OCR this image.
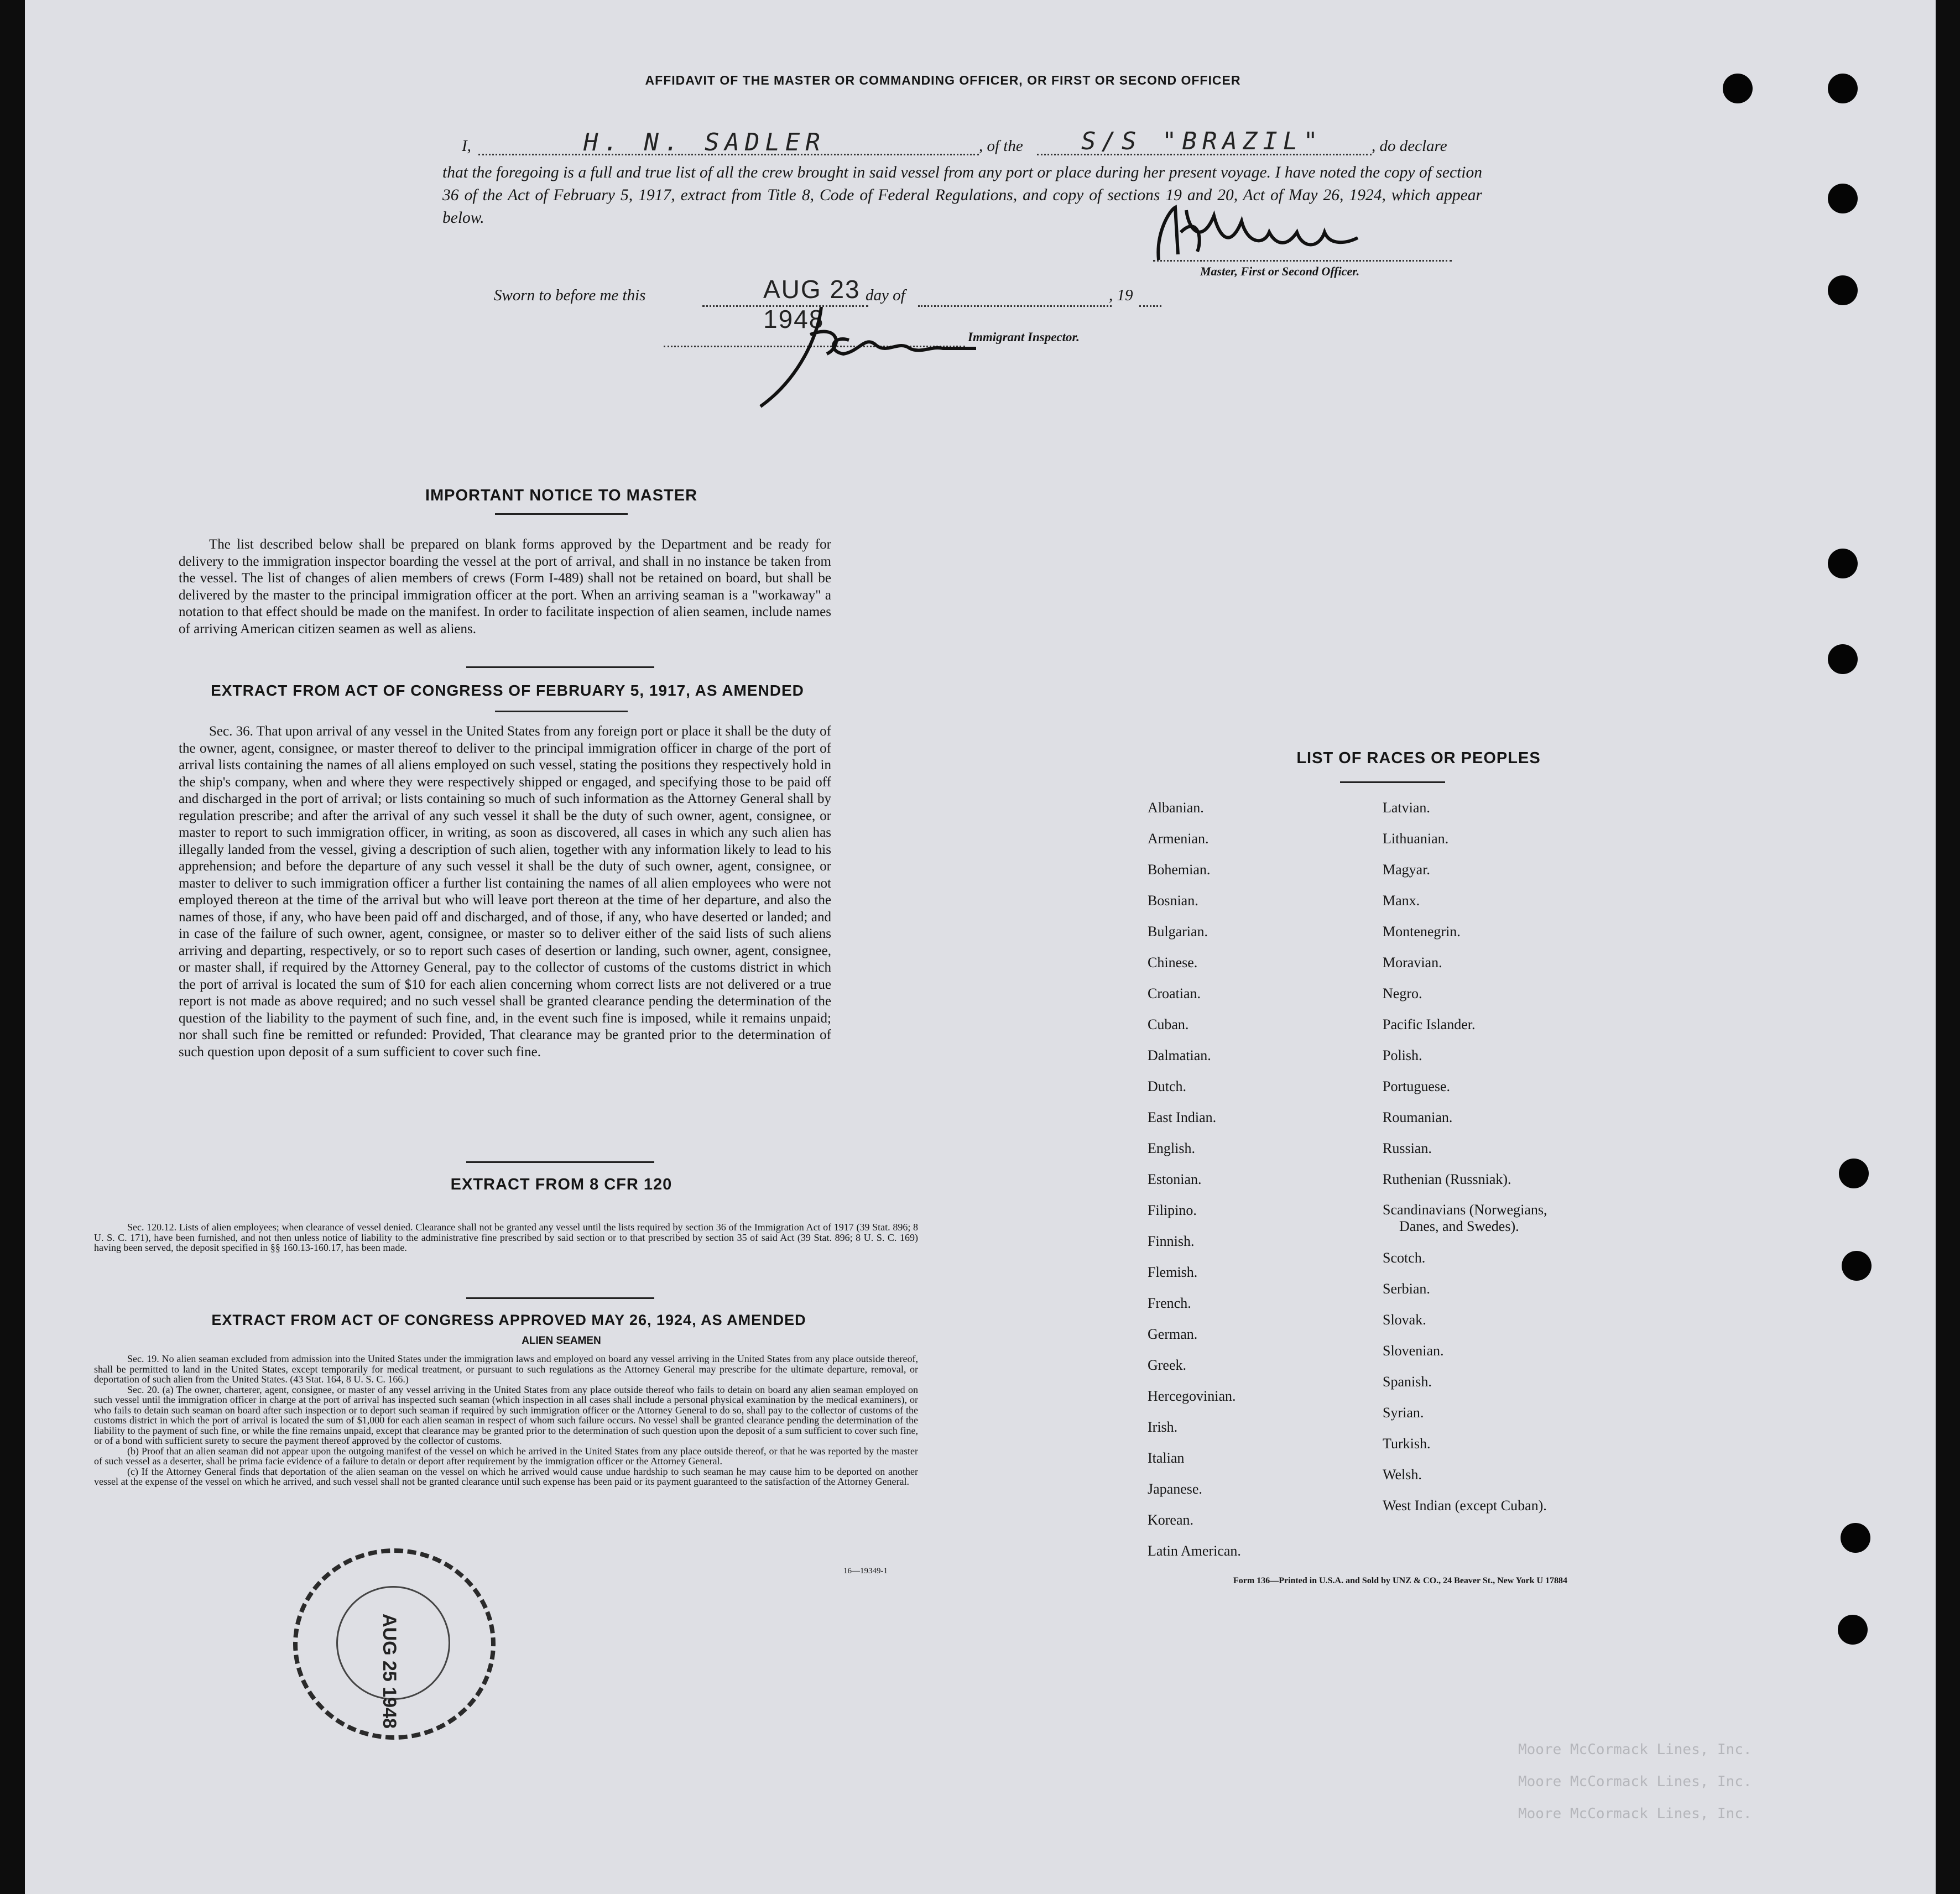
AFFIDAVIT OF THE MASTER OR COMMANDING OFFICER, OR FIRST OR SECOND OFFICER
I,	H. N. SADLER	, of the S/S "BRAZIL"	, do declare
that the foregoing is a full and true list of all the crew brought in said vessel from any port or place during her present voyage. I have noted the copy of section 36 of the Act of February 5, 1917, extract from Title 8, Code of Federal Regulations, and copy of sections 19 and 20, Act of May 26, 1924, which appear below.
Master, First or Second Officer.
Sworn to before me this	AUG 23 1948
day of	, 19
Immigrant Inspector.
IMPORTANT NOTICE TO MASTER
The list described below shall be prepared on blank forms approved by the Department and be ready for delivery to the immigration inspector boarding the vessel at the port of arrival, and shall in no instance be taken from the vessel. The list of changes of alien members of crews (Form I-489) shall not be retained on board, but shall be delivered by the master to the principal immigration officer at the port. When an arriving seaman is a "workaway" a notation to that effect should be made on the manifest. In order to facilitate inspection of alien seamen, include names of arriving American citizen seamen as well as aliens.
EXTRACT FROM ACT OF CONGRESS OF FEBRUARY 5, 1917, AS AMENDED
Sec. 36. That upon arrival of any vessel in the United States from any foreign port or place it shall be the duty of the owner, agent, consignee, or master thereof to deliver to the principal immigration officer in charge of the port of arrival lists containing the names of all aliens employed on such vessel, stating the positions they respectively hold in the ship's company, when and where they were respectively shipped or engaged, and specifying those to be paid off and discharged in the port of arrival; or lists containing so much of such information as the Attorney General shall by regulation prescribe; and after the arrival of any such vessel it shall be the duty of such owner, agent, consignee, or master to report to such immigration officer, in writing, as soon as discovered, all cases in which any such alien has illegally landed from the vessel, giving a description of such alien, together with any information likely to lead to his apprehension; and before the departure of any such vessel it shall be the duty of such owner, agent, consignee, or master to deliver to such immigration officer a further list containing the names of all alien employees who were not employed thereon at the time of the arrival but who will leave port thereon at the time of her departure, and also the names of those, if any, who have been paid off and discharged, and of those, if any, who have deserted or landed; and in case of the failure of such owner, agent, consignee, or master so to deliver either of the said lists of such aliens arriving and departing, respectively, or so to report such cases of desertion or landing, such owner, agent, consignee, or master shall, if required by the Attorney General, pay to the collector of customs of the customs district in which the port of arrival is located the sum of $10 for each alien concerning whom correct lists are not delivered or a true report is not made as above required; and no such vessel shall be granted clearance pending the determination of the question of the liability to the payment of such fine, and, in the event such fine is imposed, while it remains unpaid; nor shall such fine be remitted or refunded: Provided, That clearance may be granted prior to the determination of such question upon deposit of a sum sufficient to cover such fine.
EXTRACT FROM 8 CFR 120
Sec. 120.12. Lists of alien employees; when clearance of vessel denied. Clearance shall not be granted any vessel until the lists required by section 36 of the Immigration Act of 1917 (39 Stat. 896; 8 U. S. C. 171), have been furnished, and not then unless notice of liability to the administrative fine prescribed by said section or to that prescribed by section 35 of said Act (39 Stat. 896; 8 U. S. C. 169) having been served, the deposit specified in §§ 160.13-160.17, has been made.
EXTRACT FROM ACT OF CONGRESS APPROVED MAY 26, 1924, AS AMENDED
ALIEN SEAMEN
Sec. 19. No alien seaman excluded from admission into the United States under the immigration laws and employed on board any vessel arriving in the United States from any place outside thereof, shall be permitted to land in the United States, except temporarily for medical treatment, or pursuant to such regulations as the Attorney General may prescribe for the ultimate departure, removal, or deportation of such alien from the United States. (43 Stat. 164, 8 U. S. C. 166.)
Sec. 20. (a) The owner, charterer, agent, consignee, or master of any vessel arriving in the United States from any place outside thereof who fails to detain on board any alien seaman employed on such vessel until the immigration officer in charge at the port of arrival has inspected such seaman (which inspection in all cases shall include a personal physical examination by the medical examiners), or who fails to detain such seaman on board after such inspection or to deport such seaman if required by such immigration officer or the Attorney General to do so, shall pay to the collector of customs of the customs district in which the port of arrival is located the sum of $1,000 for each alien seaman in respect of whom such failure occurs. No vessel shall be granted clearance pending the determination of the liability to the payment of such fine, or while the fine remains unpaid, except that clearance may be granted prior to the determination of such question upon the deposit of a sum sufficient to cover such fine, or of a bond with sufficient surety to secure the payment thereof approved by the collector of customs.
(b) Proof that an alien seaman did not appear upon the outgoing manifest of the vessel on which he arrived in the United States from any place outside thereof, or that he was reported by the master of such vessel as a deserter, shall be prima facie evidence of a failure to detain or deport after requirement by the immigration officer or the Attorney General.
(c) If the Attorney General finds that deportation of the alien seaman on the vessel on which he arrived would cause undue hardship to such seaman he may cause him to be deported on another vessel at the expense of the vessel on which he arrived, and such vessel shall not be granted clearance until such expense has been paid or its payment guaranteed to the satisfaction of the Attorney General.
16—19349-1
AUG 25 1948
LIST OF RACES OR PEOPLES
Albanian.
Armenian.
Bohemian.
Bosnian.
Bulgarian.
Chinese.
Croatian.
Cuban.
Dalmatian.
Dutch.
East Indian.
English.
Estonian.
Filipino.
Finnish.
Flemish.
French.
German.
Greek.
Hercegovinian.
Irish.
Italian
Japanese.
Korean.
Latin American.
Latvian.
Lithuanian.
Magyar.
Manx.
Montenegrin.
Moravian.
Negro.
Pacific Islander.
Polish.
Portuguese.
Roumanian.
Russian.
Ruthenian (Russniak).
Scandinavians (Norwegians,
Danes, and Swedes).
Scotch.
Serbian.
Slovak.
Slovenian.
Spanish.
Syrian.
Turkish.
Welsh.
West Indian (except Cuban).
Form 136—Printed in U.S.A. and Sold by UNZ & CO., 24 Beaver St., New York U 17884
Moore McCormack Lines, Inc.
Moore McCormack Lines, Inc.
Moore McCormack Lines, Inc.
